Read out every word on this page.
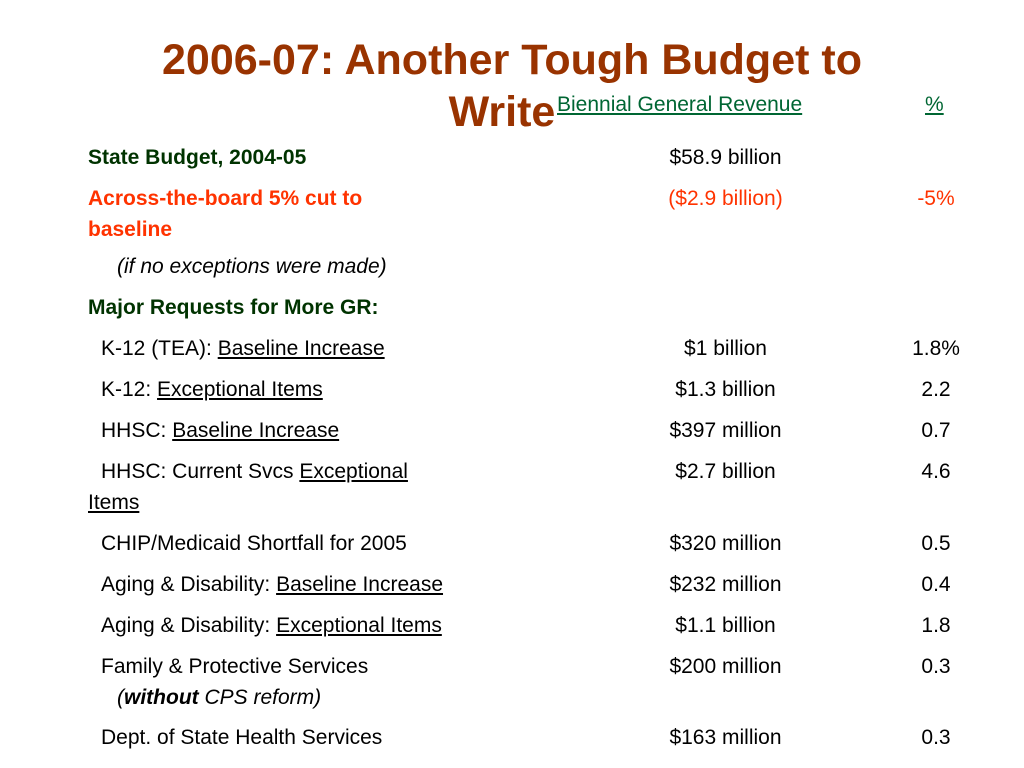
2006-07: Another Tough Budget to
Write Biennial General Revenue	%
State Budget, 2004-05	$58.9 billion
Across-the-board 5% cut to
baseline
($2.9 billion)	-5%
(if no exceptions were made)
Major Requests for More GR:
K-12 (TEA): Baseline Increase	$1 billion	1.8%
K-12: Exceptional Items	$1.3 billion	2.2
HHSC: Baseline Increase	$397 million	0.7
HHSC: Current Svcs Exceptional
Items
$2.7 billion	4.6
CHIP/Medicaid Shortfall for 2005	$320 million	0.5
Aging & Disability: Baseline Increase	$232 million	0.4
Aging & Disability: Exceptional Items	$1.1 billion	1.8
Family & Protective Services
(without CPS reform)
$200 million	0.3
Dept. of State Health Services	$163 million	0.3
